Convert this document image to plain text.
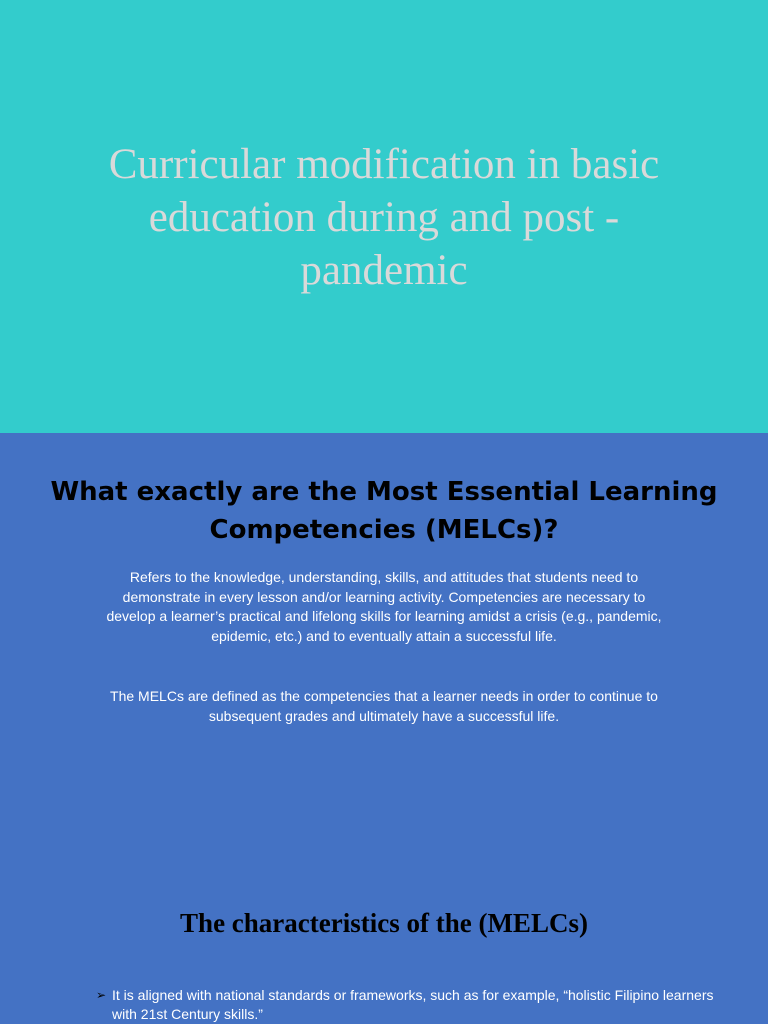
Curricular modification in basic education during and post - pandemic
What exactly are the Most Essential Learning Competencies (MELCs)?

Refers to the knowledge, understanding, skills, and attitudes that students need to demonstrate in every lesson and/or learning activity. Competencies are necessary to develop a learner’s practical and lifelong skills for learning amidst a crisis (e.g., pandemic, epidemic, etc.) and to eventually attain a successful life.

The MELCs are defined as the competencies that a learner needs in order to continue to subsequent grades and ultimately have a successful life.

The characteristics of the (MELCs)
➢ It is aligned with national standards or frameworks, such as for example, “holistic Filipino learners with 21st Century skills.”
